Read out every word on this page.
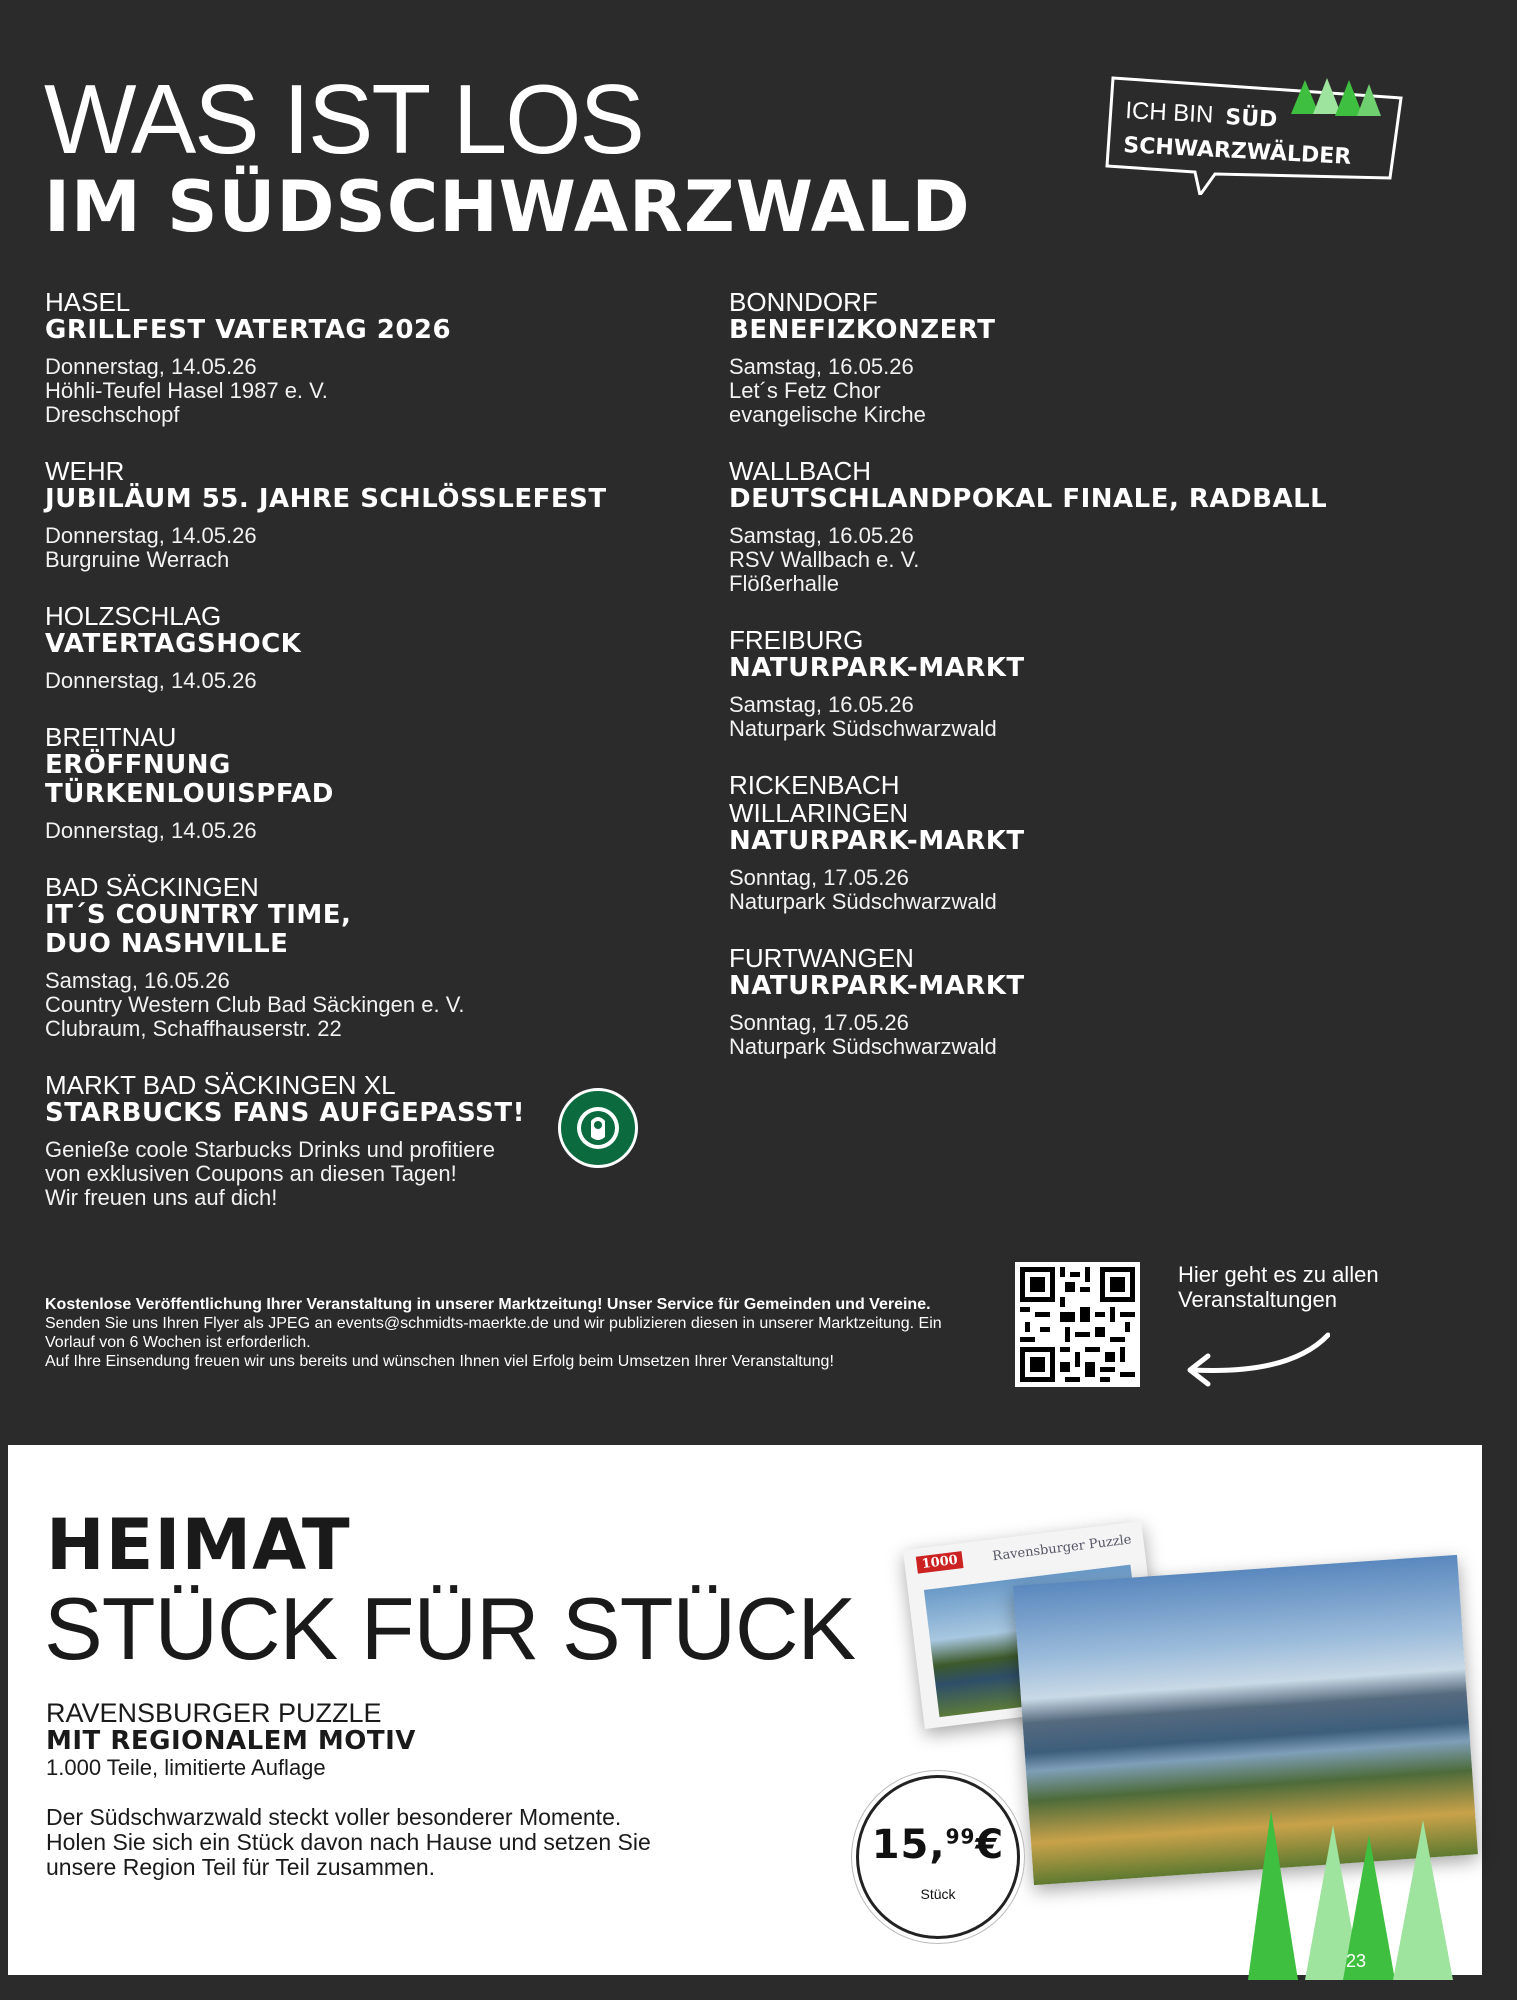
WAS IST LOS
IM SÜDSCHWARZWALD
ICH BIN SÜD
SCHWARZWÄLDER
HASEL
GRILLFEST VATERTAG 2026
Donnerstag, 14.05.26
Höhli-Teufel Hasel 1987 e. V.
Dreschschopf
WEHR
JUBILÄUM 55. JAHRE SCHLÖSSLEFEST
Donnerstag, 14.05.26
Burgruine Werrach
HOLZSCHLAG
VATERTAGSHOCK
Donnerstag, 14.05.26
BREITNAU
ERÖFFNUNG
TÜRKENLOUISPFAD
Donnerstag, 14.05.26
BAD SÄCKINGEN
IT´S COUNTRY TIME,
DUO NASHVILLE
Samstag, 16.05.26
Country Western Club Bad Säckingen e. V.
Clubraum, Schaffhauserstr. 22
MARKT BAD SÄCKINGEN XL
STARBUCKS FANS AUFGEPASST!
Genieße coole Starbucks Drinks und profitiere
von exklusiven Coupons an diesen Tagen!
Wir freuen uns auf dich!
BONNDORF
BENEFIZKONZERT
Samstag, 16.05.26
Let´s Fetz Chor
evangelische Kirche
WALLBACH
DEUTSCHLANDPOKAL FINALE, RADBALL
Samstag, 16.05.26
RSV Wallbach e. V.
Flößerhalle
FREIBURG
NATURPARK-MARKT
Samstag, 16.05.26
Naturpark Südschwarzwald
RICKENBACH
WILLARINGEN
NATURPARK-MARKT
Sonntag, 17.05.26
Naturpark Südschwarzwald
FURTWANGEN
NATURPARK-MARKT
Sonntag, 17.05.26
Naturpark Südschwarzwald
Kostenlose Veröffentlichung Ihrer Veranstaltung in unserer Marktzeitung! Unser Service für Gemeinden und Vereine.
Senden Sie uns Ihren Flyer als JPEG an events@schmidts-maerkte.de und wir publizieren diesen in unserer Marktzeitung. Ein Vorlauf von 6 Wochen ist erforderlich.
Auf Ihre Einsendung freuen wir uns bereits und wünschen Ihnen viel Erfolg beim Umsetzen Ihrer Veranstaltung!
Hier geht es zu allen Veranstaltungen
HEIMAT
STÜCK FÜR STÜCK
RAVENSBURGER PUZZLE
MIT REGIONALEM MOTIV
1.000 Teile, limitierte Auflage
Der Südschwarzwald steckt voller besonderer Momente. Holen Sie sich ein Stück davon nach Hause und setzen Sie unsere Region Teil für Teil zusammen.
1000	Ravensburger Puzzle
15,99€
Stück
23
